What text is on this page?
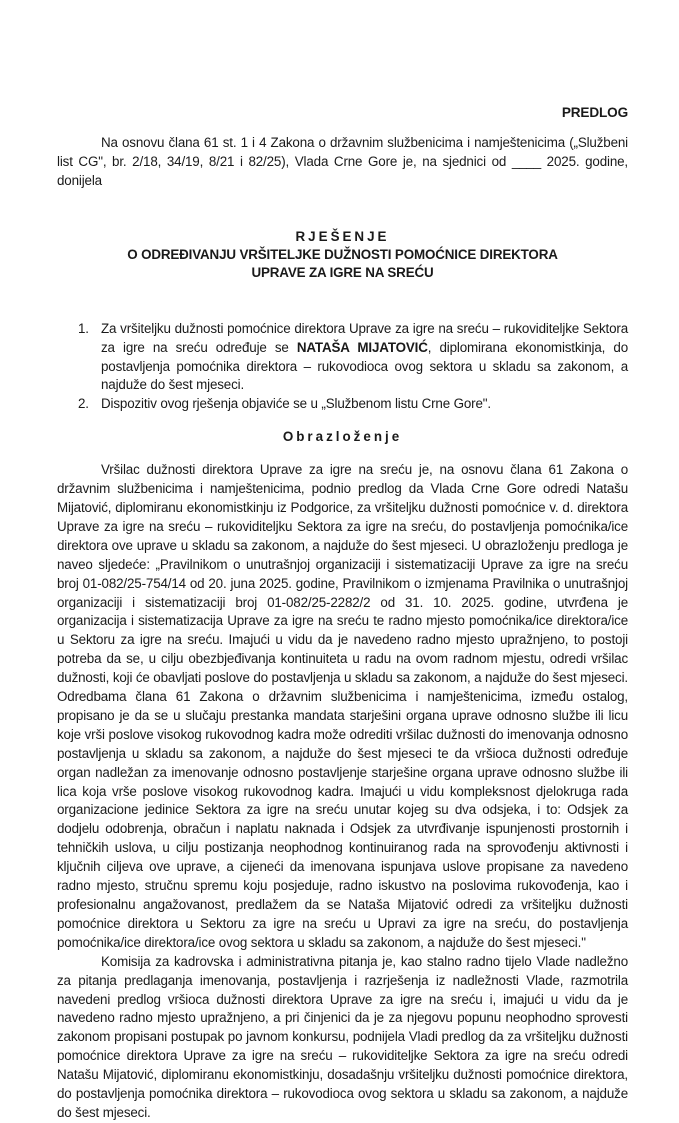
PREDLOG

Na osnovu člana 61 st. 1 i 4 Zakona o državnim službenicima i namještenicima („Službeni list CG", br. 2/18, 34/19, 8/21 i 82/25), Vlada Crne Gore je, na sjednici od ____ 2025. godine, donijela

RJEŠENJE
O ODREĐIVANJU VRŠITELJKE DUŽNOSTI POMOĆNICE DIREKTORA
UPRAVE ZA IGRE NA SREĆU
1. Za vršiteljku dužnosti pomoćnice direktora Uprave za igre na sreću – rukoviditeljke Sektora za igre na sreću određuje se NATAŠA MIJATOVIĆ, diplomirana ekonomistkinja, do postavljenja pomoćnika direktora – rukovodioca ovog sektora u skladu sa zakonom, a najduže do šest mjeseci.
2. Dispozitiv ovog rješenja objaviće se u „Službenom listu Crne Gore".
Obrazloženje

Vršilac dužnosti direktora Uprave za igre na sreću je, na osnovu člana 61 Zakona o državnim službenicima i namještenicima, podnio predlog da Vlada Crne Gore odredi Natašu Mijatović, diplomiranu ekonomistkinju iz Podgorice, za vršiteljku dužnosti pomoćnice v. d. direktora Uprave za igre na sreću – rukoviditeljku Sektora za igre na sreću, do postavljenja pomoćnika/ice direktora ove uprave u skladu sa zakonom, a najduže do šest mjeseci. U obrazloženju predloga je naveo sljedeće: „Pravilnikom o unutrašnjoj organizaciji i sistematizaciji Uprave za igre na sreću broj 01-082/25-754/14 od 20. juna 2025. godine, Pravilnikom o izmjenama Pravilnika o unutrašnjoj organizaciji i sistematizaciji broj 01-082/25-2282/2 od 31. 10. 2025. godine, utvrđena je organizacija i sistematizacija Uprave za igre na sreću te radno mjesto pomoćnika/ice direktora/ice u Sektoru za igre na sreću. Imajući u vidu da je navedeno radno mjesto upražnjeno, to postoji potreba da se, u cilju obezbjeđivanja kontinuiteta u radu na ovom radnom mjestu, odredi vršilac dužnosti, koji će obavljati poslove do postavljenja u skladu sa zakonom, a najduže do šest mjeseci. Odredbama člana 61 Zakona o državnim službenicima i namještenicima, između ostalog, propisano je da se u slučaju prestanka mandata starješini organa uprave odnosno službe ili licu koje vrši poslove visokog rukovodnog kadra može odrediti vršilac dužnosti do imenovanja odnosno postavljenja u skladu sa zakonom, a najduže do šest mjeseci te da vršioca dužnosti određuje organ nadležan za imenovanje odnosno postavljenje starješine organa uprave odnosno službe ili lica koja vrše poslove visokog rukovodnog kadra. Imajući u vidu kompleksnost djelokruga rada organizacione jedinice Sektora za igre na sreću unutar kojeg su dva odsjeka, i to: Odsjek za dodjelu odobrenja, obračun i naplatu naknada i Odsjek za utvrđivanje ispunjenosti prostornih i tehničkih uslova, u cilju postizanja neophodnog kontinuiranog rada na sprovođenju aktivnosti i ključnih ciljeva ove uprave, a cijeneći da imenovana ispunjava uslove propisane za navedeno radno mjesto, stručnu spremu koju posjeduje, radno iskustvo na poslovima rukovođenja, kao i profesionalnu angažovanost, predlažem da se Nataša Mijatović odredi za vršiteljku dužnosti pomoćnice direktora u Sektoru za igre na sreću u Upravi za igre na sreću, do postavljenja pomoćnika/ice direktora/ice ovog sektora u skladu sa zakonom, a najduže do šest mjeseci."

Komisija za kadrovska i administrativna pitanja je, kao stalno radno tijelo Vlade nadležno za pitanja predlaganja imenovanja, postavljenja i razrješenja iz nadležnosti Vlade, razmotrila navedeni predlog vršioca dužnosti direktora Uprave za igre na sreću i, imajući u vidu da je navedeno radno mjesto upražnjeno, a pri činjenici da je za njegovu popunu neophodno sprovesti zakonom propisani postupak po javnom konkursu, podnijela Vladi predlog da za vršiteljku dužnosti pomoćnice direktora Uprave za igre na sreću – rukoviditeljke Sektora za igre na sreću odredi Natašu Mijatović, diplomiranu ekonomistkinju, dosadašnju vršiteljku dužnosti pomoćnice direktora, do postavljenja pomoćnika direktora – rukovodioca ovog sektora u skladu sa zakonom, a najduže do šest mjeseci.
